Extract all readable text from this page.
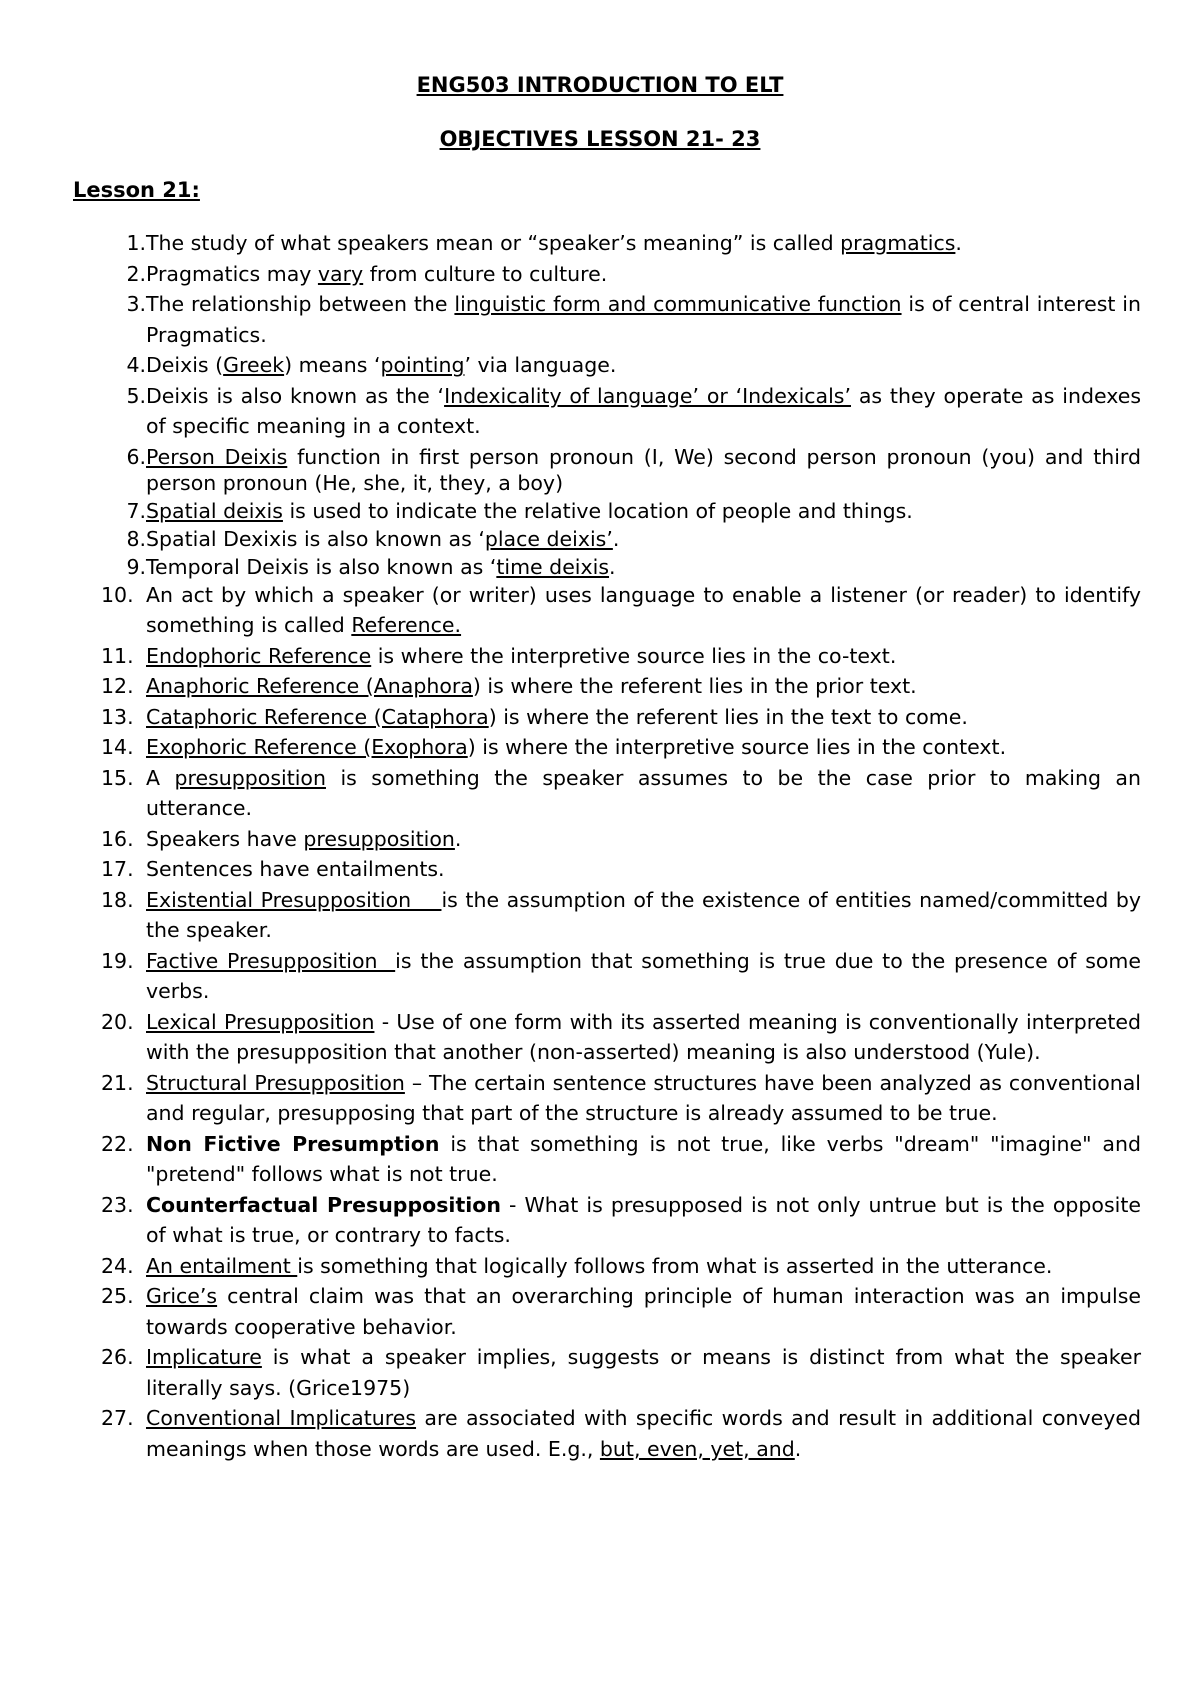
ENG503 INTRODUCTION TO ELT
OBJECTIVES LESSON 21- 23
Lesson 21:
1. The study of what speakers mean or “speaker’s meaning” is called pragmatics.
2. Pragmatics may vary from culture to culture.
3. The relationship between the linguistic form and communicative function is of central interest in Pragmatics.
4. Deixis (Greek) means ‘pointing’ via language.
5. Deixis is also known as the ‘Indexicality of language’ or ‘Indexicals’ as they operate as indexes of specific meaning in a context.
6. Person Deixis function in first person pronoun (I, We) second person pronoun (you) and third person pronoun (He, she, it, they, a boy)
7. Spatial deixis is used to indicate the relative location of people and things.
8. Spatial Dexixis is also known as ‘place deixis’.
9. Temporal Deixis is also known as ‘time deixis.
10. An act by which a speaker (or writer) uses language to enable a listener (or reader) to identify something is called Reference.
11. Endophoric Reference is where the interpretive source lies in the co-text.
12. Anaphoric Reference (Anaphora) is where the referent lies in the prior text.
13. Cataphoric Reference (Cataphora) is where the referent lies in the text to come.
14. Exophoric Reference (Exophora) is where the interpretive source lies in the context.
15. A presupposition is something the speaker assumes to be the case prior to making an utterance.
16. Speakers have presupposition.
17. Sentences have entailments.
18. Existential Presupposition    is the assumption of the existence of entities named/committed by the speaker.
19. Factive Presupposition  is the assumption that something is true due to the presence of some verbs.
20. Lexical Presupposition - Use of one form with its asserted meaning is conventionally interpreted with the presupposition that another (non-asserted) meaning is also understood (Yule).
21. Structural Presupposition – The certain sentence structures have been analyzed as conventional and regular, presupposing that part of the structure is already assumed to be true.
22. Non Fictive Presumption is that something is not true, like verbs "dream" "imagine" and "pretend" follows what is not true.
23. Counterfactual Presupposition - What is presupposed is not only untrue but is the opposite of what is true, or contrary to facts.
24. An entailment is something that logically follows from what is asserted in the utterance.
25. Grice’s central claim was that an overarching principle of human interaction was an impulse towards cooperative behavior.
26. Implicature is what a speaker implies, suggests or means is distinct from what the speaker literally says. (Grice1975)
27. Conventional Implicatures are associated with specific words and result in additional conveyed meanings when those words are used. E.g., but, even, yet, and.
